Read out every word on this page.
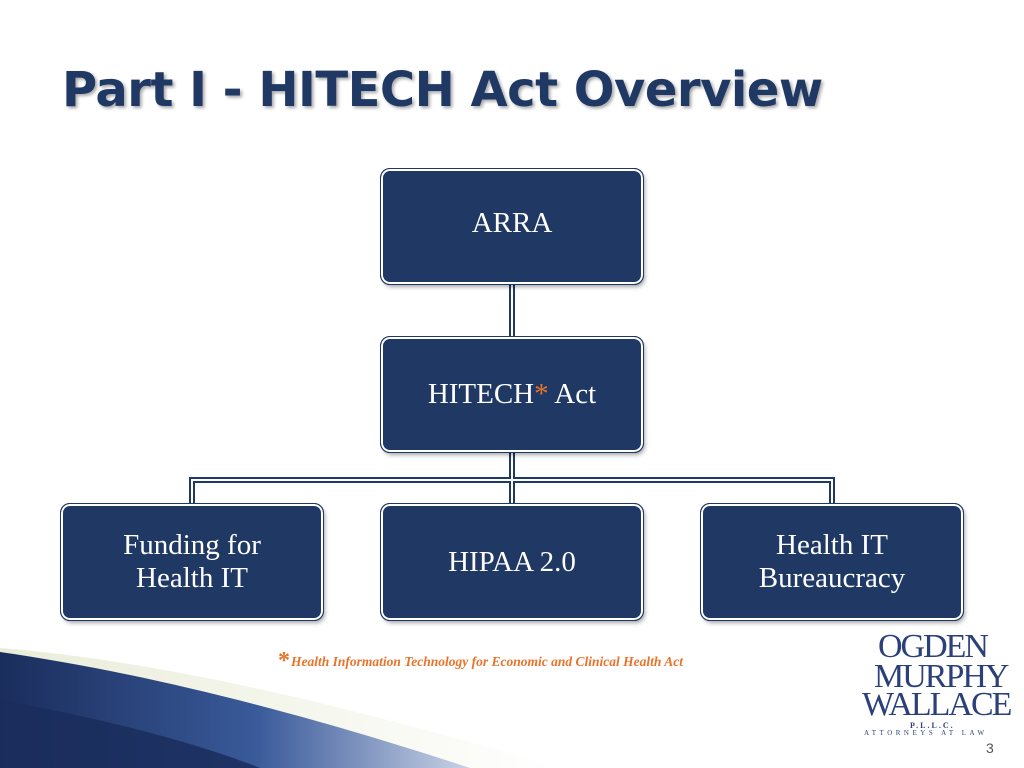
Part I - HITECH Act Overview
ARRA
HITECH* Act
Funding for
Health IT
HIPAA 2.0
Health IT
Bureaucracy
*Health Information Technology for Economic and Clinical Health Act	OGDEN
MURPHY
WALLACE
P.L.L.C.
ATTORNEYS AT LAW
3
